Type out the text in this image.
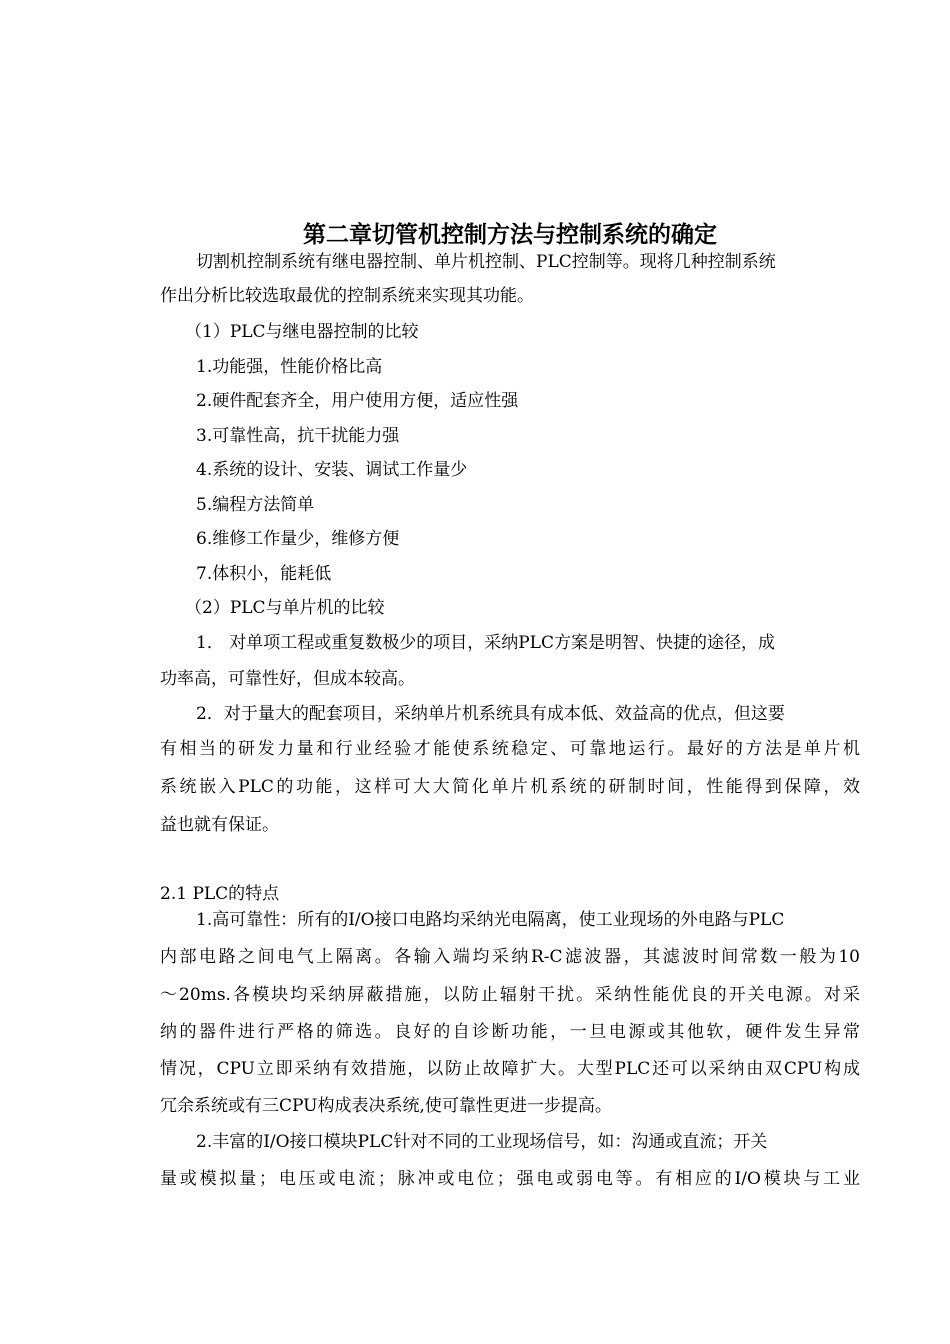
第二章切管机控制方法与控制系统的确定

切割机控制系统有继电器控制、单片机控制、PLC控制等。现将几种控制系统

作出分析比较选取最优的控制系统来实现其功能。

（1）PLC与继电器控制的比较

1.功能强，性能价格比高

2.硬件配套齐全，用户使用方便，适应性强

3.可靠性高，抗干扰能力强

4.系统的设计、安装、调试工作量少

5.编程方法简单

6.维修工作量少，维修方便

7.体积小，能耗低

（2）PLC与单片机的比较

1． 对单项工程或重复数极少的项目，采纳PLC方案是明智、快捷的途径，成

功率高，可靠性好，但成本较高。

2．对于量大的配套项目，采纳单片机系统具有成本低、效益高的优点，但这要

有相当的研发力量和行业经验才能使系统稳定、可靠地运行。最好的方法是单片机

系统嵌入PLC的功能，这样可大大简化单片机系统的研制时间，性能得到保障，效

益也就有保证。

2.1 PLC的特点

1.高可靠性：所有的I/O接口电路均采纳光电隔离，使工业现场的外电路与PLC

内部电路之间电气上隔离。各输入端均采纳R-C滤波器，其滤波时间常数一般为10

～20ms.各模块均采纳屏蔽措施，以防止辐射干扰。采纳性能优良的开关电源。对采

纳的器件进行严格的筛选。良好的自诊断功能，一旦电源或其他软，硬件发生异常

情况，CPU立即采纳有效措施，以防止故障扩大。大型PLC还可以采纳由双CPU构成

冗余系统或有三CPU构成表决系统,使可靠性更进一步提高。

2.丰富的I/O接口模块PLC针对不同的工业现场信号，如：沟通或直流；开关

量或模拟量；电压或电流；脉冲或电位；强电或弱电等。有相应的I/O模块与工业
